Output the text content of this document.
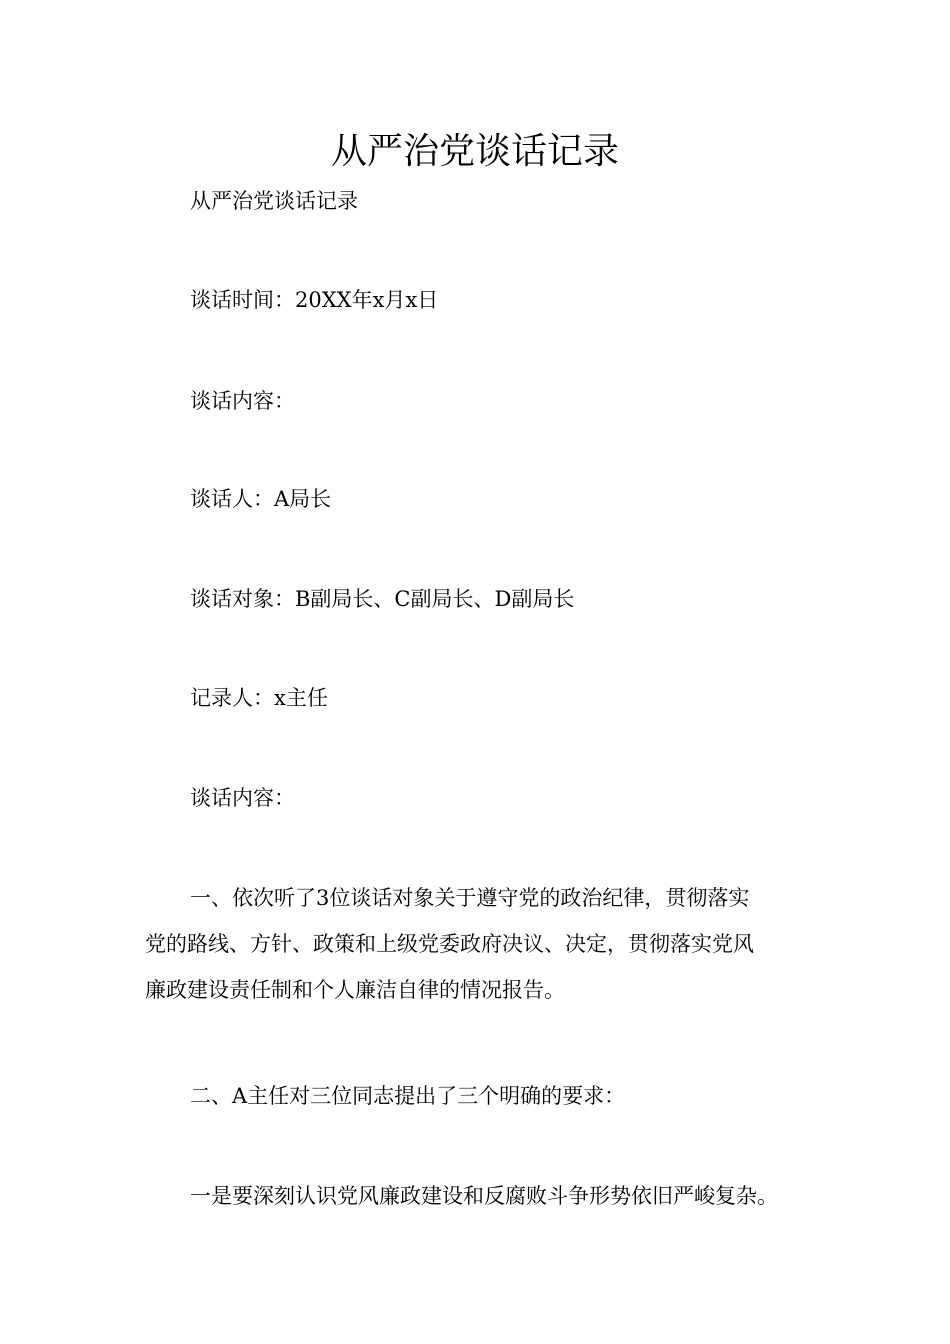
从严治党谈话记录

从严治党谈话记录

谈话时间：20XX年x月x日

谈话内容：

谈话人：A局长

谈话对象：B副局长、C副局长、D副局长

记录人：x主任

谈话内容：

一、依次听了3位谈话对象关于遵守党的政治纪律，贯彻落实
党的路线、方针、政策和上级党委政府决议、决定，贯彻落实党风
廉政建设责任制和个人廉洁自律的情况报告。

二、A主任对三位同志提出了三个明确的要求：

一是要深刻认识党风廉政建设和反腐败斗争形势依旧严峻复杂。
